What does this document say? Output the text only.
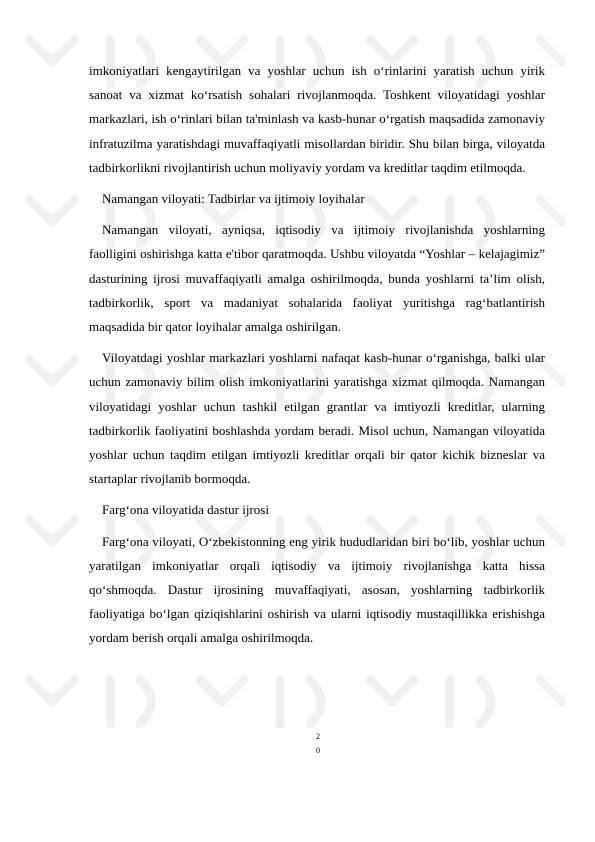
imkoniyatlari kengaytirilgan va yoshlar uchun ish o‘rinlarini yaratish uchun yirik sanoat va xizmat ko‘rsatish sohalari rivojlanmoqda. Toshkent viloyatidagi yoshlar markazlari, ish o‘rinlari bilan ta'minlash va kasb-hunar o‘rgatish maqsadida zamonaviy infratuzilma yaratishdagi muvaffaqiyatli misollardan biridir. Shu bilan birga, viloyatda tadbirkorlikni rivojlantirish uchun moliyaviy yordam va kreditlar taqdim etilmoqda.

Namangan viloyati: Tadbirlar va ijtimoiy loyihalar

Namangan viloyati, ayniqsa, iqtisodiy va ijtimoiy rivojlanishda yoshlarning faolligini oshirishga katta e'tibor qaratmoqda. Ushbu viloyatda “Yoshlar – kelajagimiz” dasturining ijrosi muvaffaqiyatli amalga oshirilmoqda, bunda yoshlarni ta’lim olish, tadbirkorlik, sport va madaniyat sohalarida faoliyat yuritishga rag‘batlantirish maqsadida bir qator loyihalar amalga oshirilgan.

Viloyatdagi yoshlar markazlari yoshlarni nafaqat kasb-hunar o‘rganishga, balki ular uchun zamonaviy bilim olish imkoniyatlarini yaratishga xizmat qilmoqda. Namangan viloyatidagi yoshlar uchun tashkil etilgan grantlar va imtiyozli kreditlar, ularning tadbirkorlik faoliyatini boshlashda yordam beradi. Misol uchun, Namangan viloyatida yoshlar uchun taqdim etilgan imtiyozli kreditlar orqali bir qator kichik bizneslar va startaplar rivojlanib bormoqda.

Farg‘ona viloyatida dastur ijrosi

Farg‘ona viloyati, O‘zbekistonning eng yirik hududlaridan biri bo‘lib, yoshlar uchun yaratilgan imkoniyatlar orqali iqtisodiy va ijtimoiy rivojlanishga katta hissa qo‘shmoqda. Dastur ijrosining muvaffaqiyati, asosan, yoshlarning tadbirkorlik faoliyatiga bo‘lgan qiziqishlarini oshirish va ularni iqtisodiy mustaqillikka erishishga yordam berish orqali amalga oshirilmoqda.

2
0
